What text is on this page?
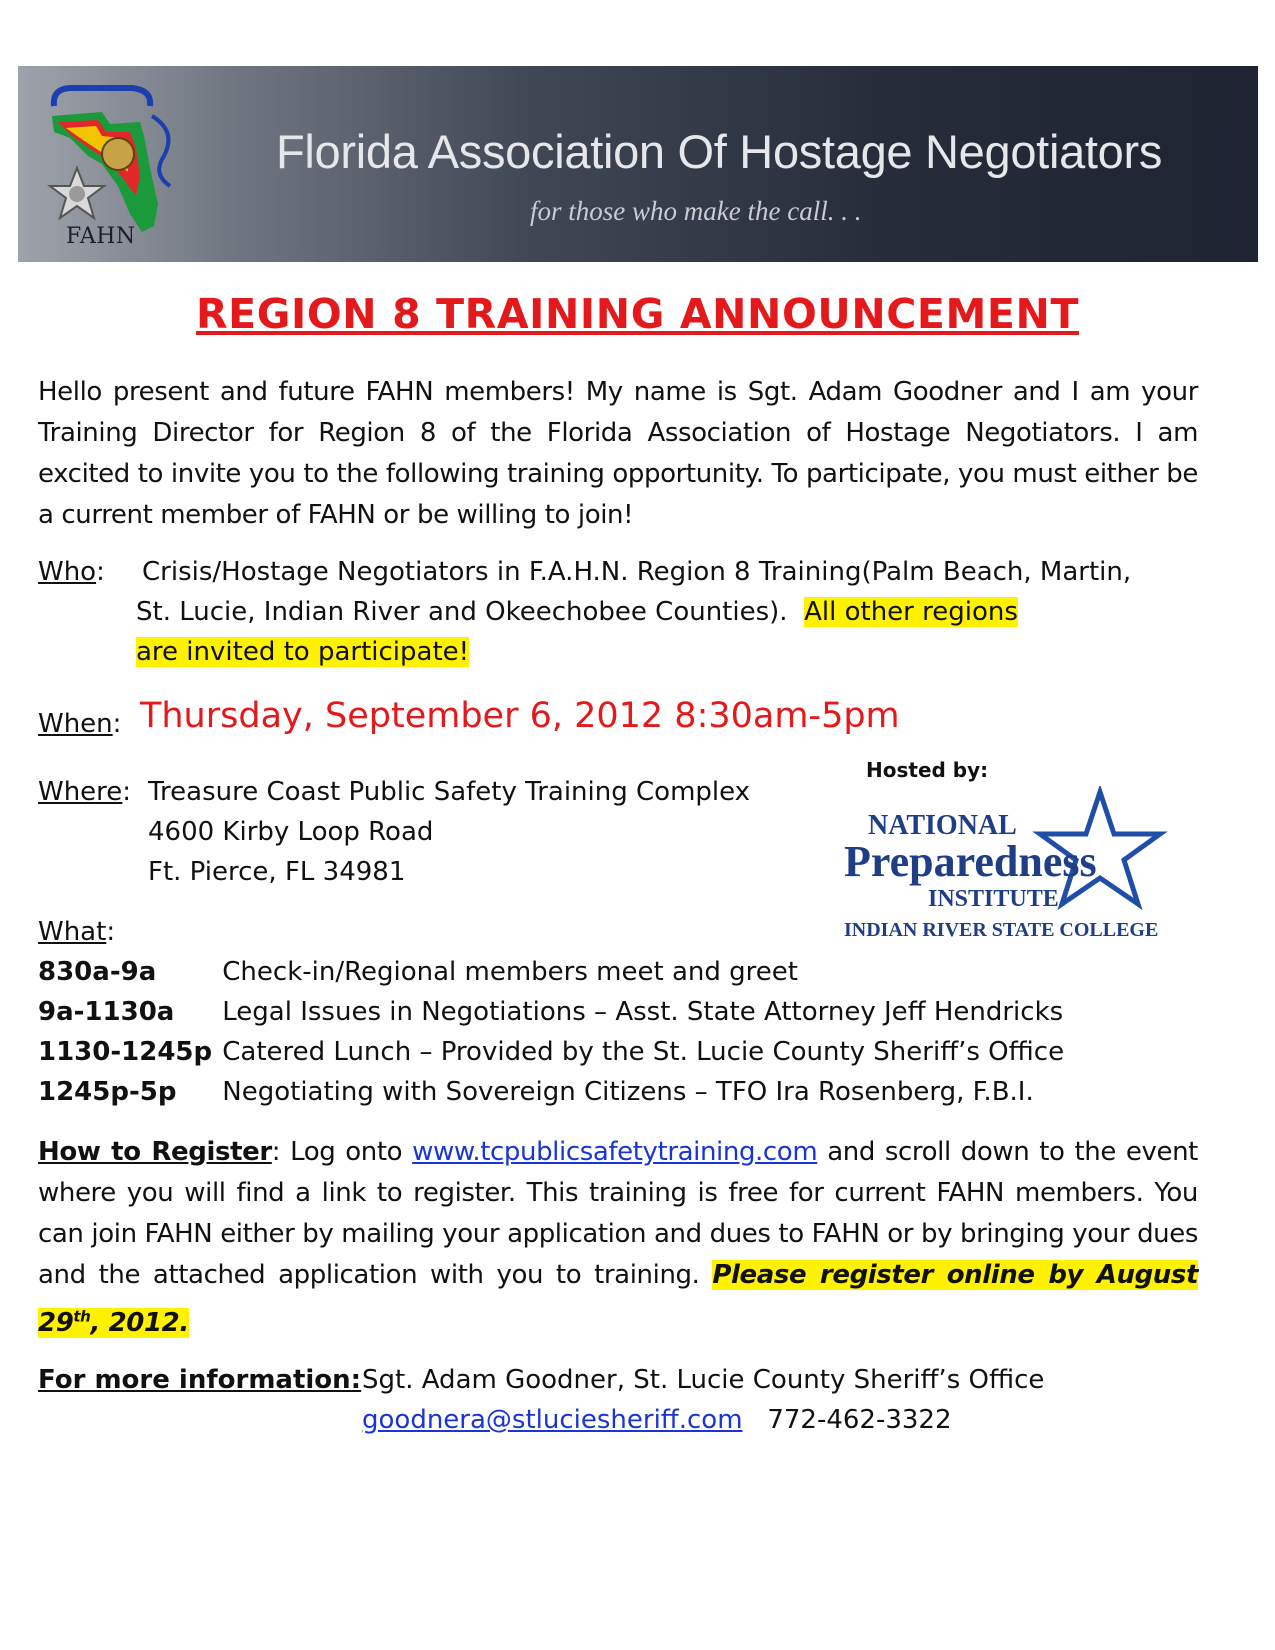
FAHN
Florida Association Of Hostage Negotiators
for those who make the call. . .
REGION 8 TRAINING ANNOUNCEMENT
Hello present and future FAHN members! My name is Sgt. Adam Goodner and I am your Training Director for Region 8 of the Florida Association of Hostage Negotiators. I am excited to invite you to the following training opportunity. To participate, you must either be a current member of FAHN or be willing to join!
Who: Crisis/Hostage Negotiators in F.A.H.N. Region 8 Training(Palm Beach, Martin,
St. Lucie, Indian River and Okeechobee Counties). All other regions
are invited to participate!
When: Thursday, September 6, 2012 8:30am-5pm
Hosted by:
NATIONAL
Preparedness
INSTITUTE
INDIAN RIVER STATE COLLEGE
Where: Treasure Coast Public Safety Training Complex
4600 Kirby Loop Road
Ft. Pierce, FL 34981
What:
830a-9a	Check-in/Regional members meet and greet
9a-1130a Legal Issues in Negotiations – Asst. State Attorney Jeff Hendricks
1130-1245p Catered Lunch – Provided by the St. Lucie County Sheriff’s Office
1245p-5p Negotiating with Sovereign Citizens – TFO Ira Rosenberg, F.B.I.
How to Register: Log onto www.tcpublicsafetytraining.com and scroll down to the event where you will find a link to register. This training is free for current FAHN members. You can join FAHN either by mailing your application and dues to FAHN or by bringing your dues and the attached application with you to training. Please register online by August 29th, 2012.
For more information: Sgt. Adam Goodner, St. Lucie County Sheriff’s Office
goodnera@stluciesheriff.com 772-462-3322
